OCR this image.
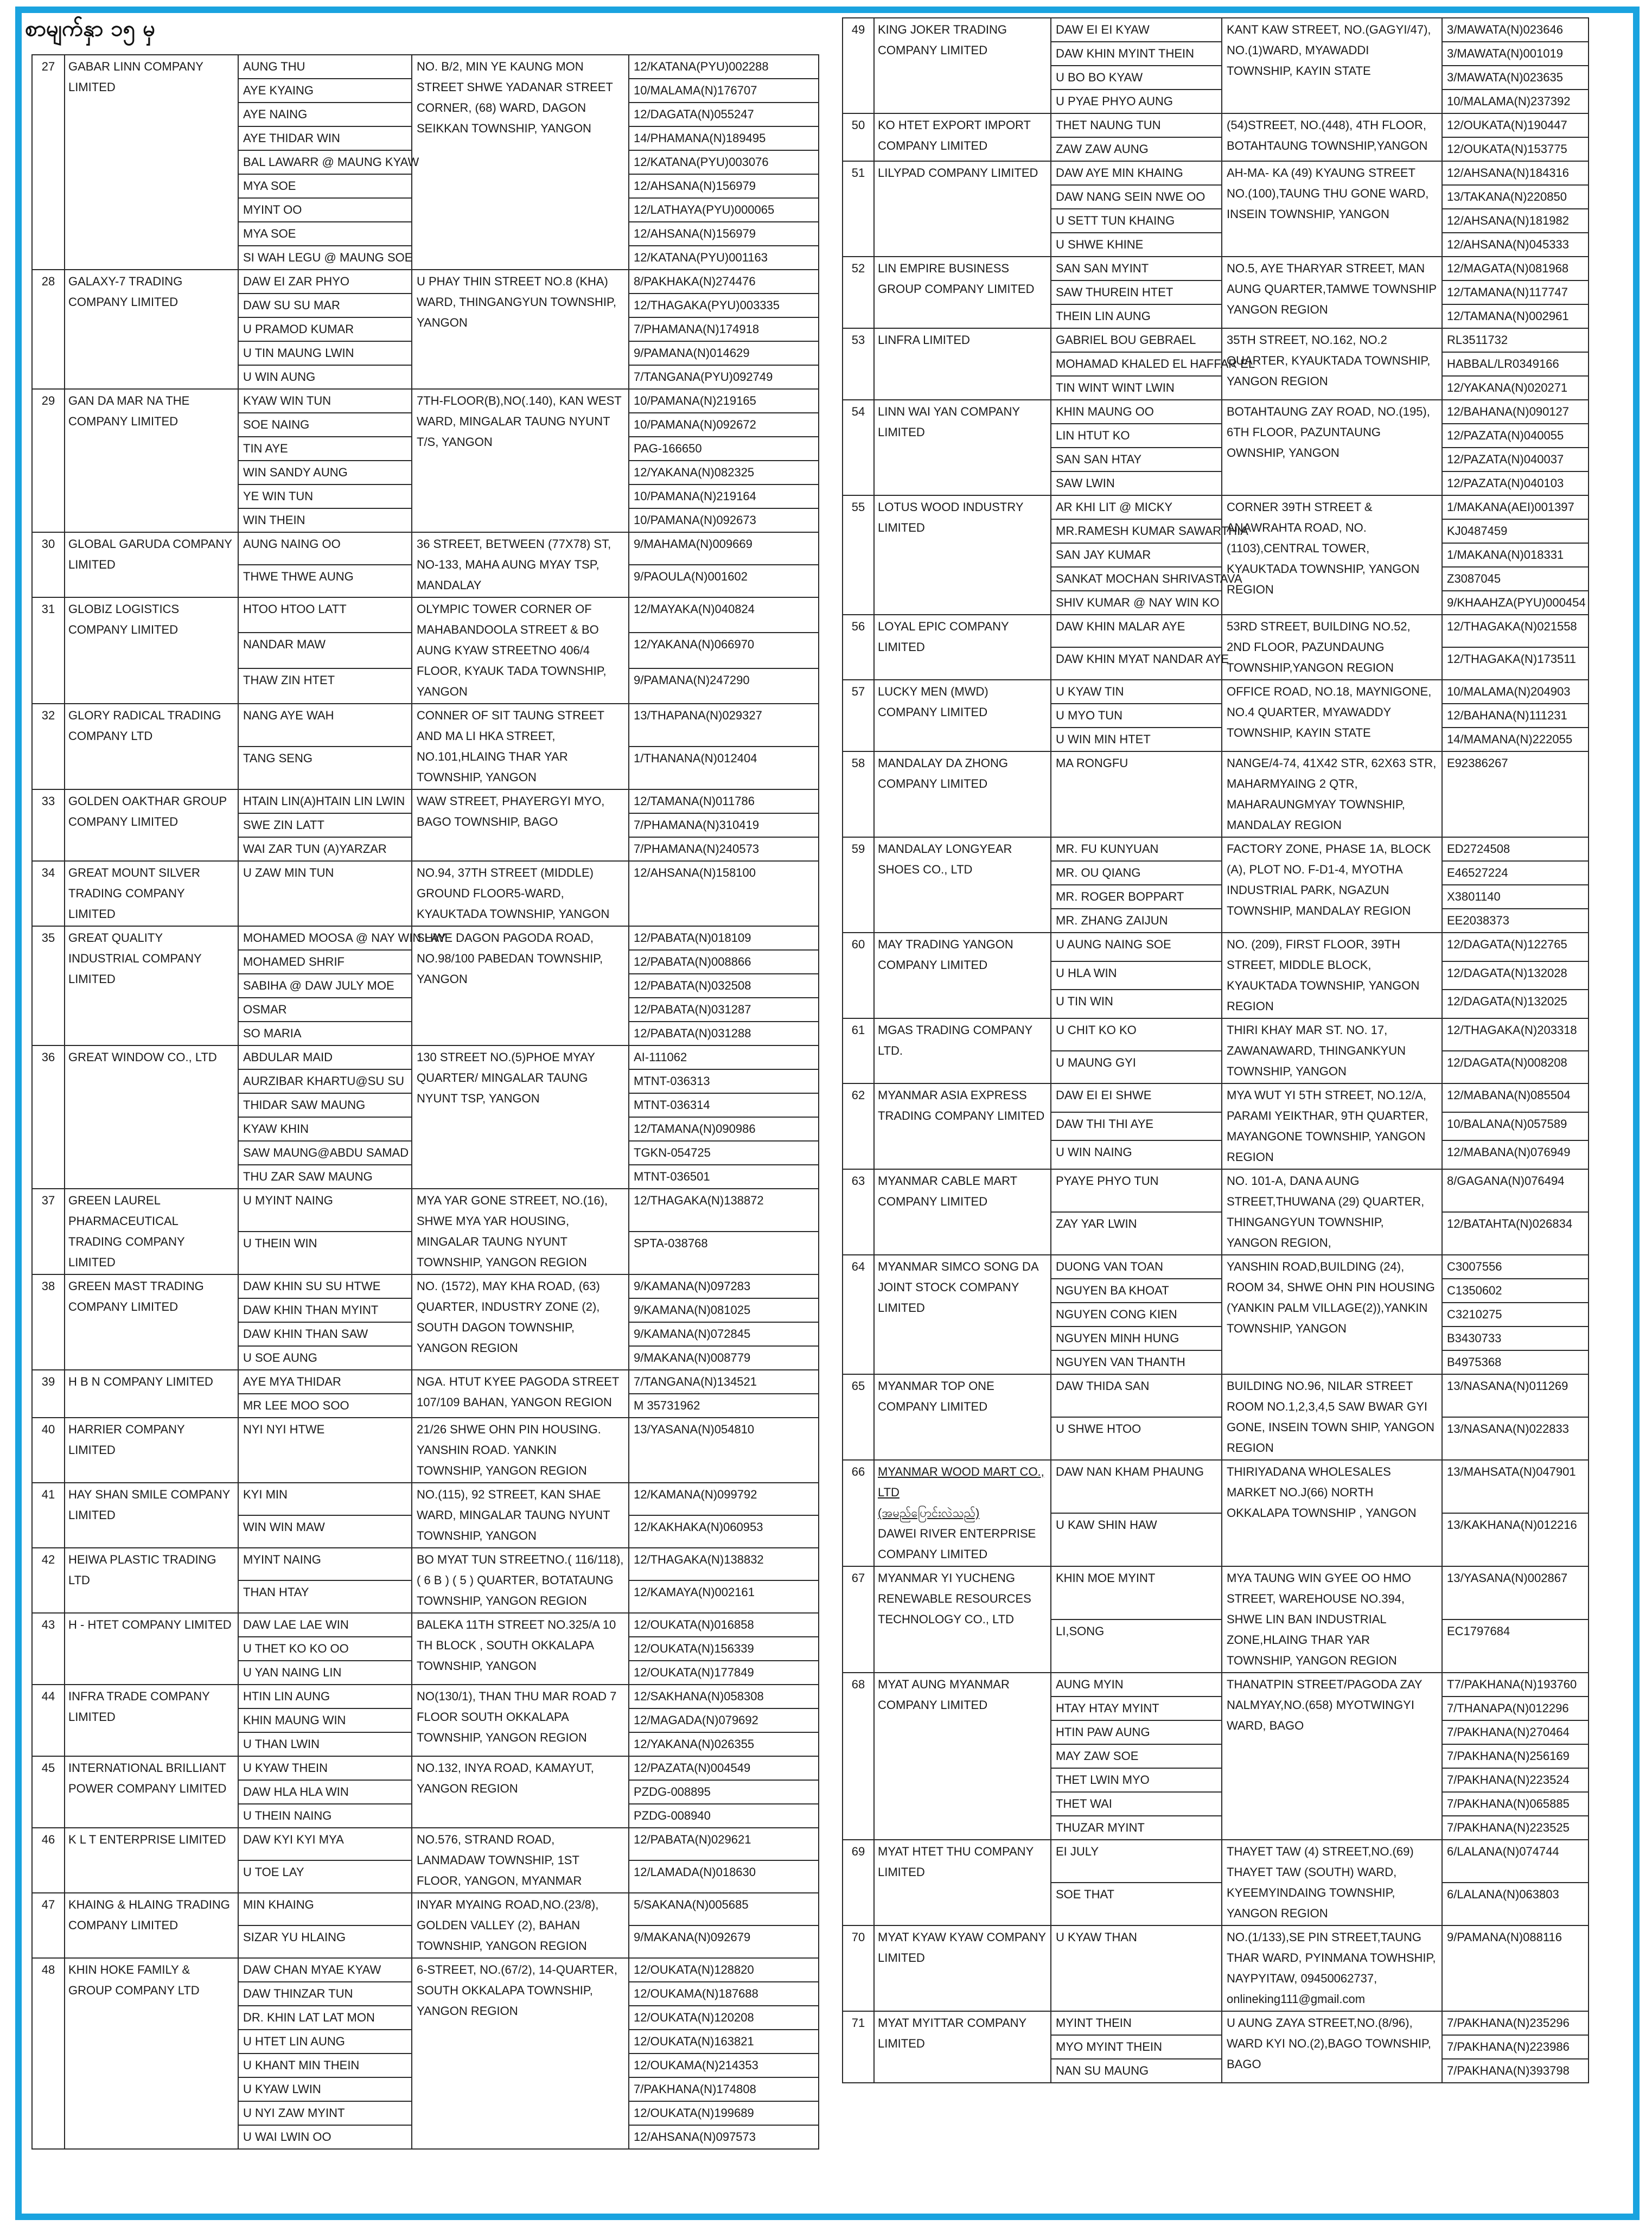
စာမျက်နှာ ၁၅ မှ
27	GABAR LINN COMPANY LIMITED	AUNG THU	NO. B/2, MIN YE KAUNG MON STREET SHWE YADANAR STREET CORNER, (68) WARD, DAGON SEIKKAN TOWNSHIP, YANGON	12/KATANA(PYU)002288
		AYE KYAING		10/MALAMA(N)176707
		AYE NAING		12/DAGATA(N)055247
		AYE THIDAR WIN		14/PHAMANA(N)189495
		BAL LAWARR @ MAUNG KYAW		12/KATANA(PYU)003076
		MYA SOE		12/AHSANA(N)156979
		MYINT OO		12/LATHAYA(PYU)000065
		MYA SOE		12/AHSANA(N)156979
		SI WAH LEGU @ MAUNG SOE		12/KATANA(PYU)001163
28	GALAXY-7 TRADING COMPANY LIMITED	DAW EI ZAR PHYO	U PHAY THIN STREET NO.8 (KHA) WARD, THINGANGYUN TOWNSHIP, YANGON	8/PAKHAKA(N)274476
		DAW SU SU MAR		12/THAGAKA(PYU)003335
		U PRAMOD KUMAR		7/PHAMANA(N)174918
		U TIN MAUNG LWIN		9/PAMANA(N)014629
		U WIN AUNG		7/TANGANA(PYU)092749
29	GAN DA MAR NA THE COMPANY LIMITED	KYAW WIN TUN	7TH-FLOOR(B),NO(.140), KAN WEST WARD, MINGALAR TAUNG NYUNT T/S, YANGON	10/PAMANA(N)219165
		SOE NAING		10/PAMANA(N)092672
		TIN AYE		PAG-166650
		WIN SANDY AUNG		12/YAKANA(N)082325
		YE WIN TUN		10/PAMANA(N)219164
		WIN THEIN		10/PAMANA(N)092673
30	GLOBAL GARUDA COMPANY LIMITED	AUNG NAING OO	36 STREET, BETWEEN (77X78) ST, NO-133, MAHA AUNG MYAY TSP, MANDALAY	9/MAHAMA(N)009669
		THWE THWE AUNG		9/PAOULA(N)001602
31	GLOBIZ LOGISTICS COMPANY LIMITED	HTOO HTOO LATT	OLYMPIC TOWER CORNER OF MAHABANDOOLA STREET & BO AUNG KYAW STREETNO 406/4 FLOOR, KYAUK TADA TOWNSHIP, YANGON	12/MAYAKA(N)040824
		NANDAR MAW		12/YAKANA(N)066970
		THAW ZIN HTET		9/PAMANA(N)247290
32	GLORY RADICAL TRADING COMPANY LTD	NANG AYE WAH	CONNER OF SIT TAUNG STREET AND MA LI HKA STREET, NO.101,HLAING THAR YAR TOWNSHIP, YANGON	13/THAPANA(N)029327
		TANG SENG		1/THANANA(N)012404
33	GOLDEN OAKTHAR GROUP COMPANY LIMITED	HTAIN LIN(A)HTAIN LIN LWIN	WAW STREET, PHAYERGYI MYO, BAGO TOWNSHIP, BAGO	12/TAMANA(N)011786
		SWE ZIN LATT		7/PHAMANA(N)310419
		WAI ZAR TUN (A)YARZAR		7/PHAMANA(N)240573
34	GREAT MOUNT SILVER TRADING COMPANY LIMITED	U ZAW MIN TUN	NO.94, 37TH STREET (MIDDLE) GROUND FLOOR5-WARD, KYAUKTADA TOWNSHIP, YANGON	12/AHSANA(N)158100
35	GREAT QUALITY INDUSTRIAL COMPANY LIMITED	MOHAMED MOOSA @ NAY WIN LAY	SHWE DAGON PAGODA ROAD, NO.98/100 PABEDAN TOWNSHIP, YANGON	12/PABATA(N)018109
		MOHAMED SHRIF		12/PABATA(N)008866
		SABIHA @ DAW JULY MOE		12/PABATA(N)032508
		OSMAR		12/PABATA(N)031287
		SO MARIA		12/PABATA(N)031288
36	GREAT WINDOW CO., LTD	ABDULAR MAID	130 STREET NO.(5)PHOE MYAY QUARTER/ MINGALAR TAUNG NYUNT TSP, YANGON	AI-111062
		AURZIBAR KHARTU@SU SU		MTNT-036313
		THIDAR SAW MAUNG		MTNT-036314
		KYAW KHIN		12/TAMANA(N)090986
		SAW MAUNG@ABDU SAMAD		TGKN-054725
		THU ZAR SAW MAUNG		MTNT-036501
37	GREEN LAUREL PHARMACEUTICAL TRADING COMPANY LIMITED	U MYINT NAING	MYA YAR GONE STREET, NO.(16), SHWE MYA YAR HOUSING, MINGALAR TAUNG NYUNT TOWNSHIP, YANGON REGION	12/THAGAKA(N)138872
		U THEIN WIN		SPTA-038768
38	GREEN MAST TRADING COMPANY LIMITED	DAW KHIN SU SU HTWE	NO. (1572), MAY KHA ROAD, (63) QUARTER, INDUSTRY ZONE (2), SOUTH DAGON TOWNSHIP, YANGON REGION	9/KAMANA(N)097283
		DAW KHIN THAN MYINT		9/KAMANA(N)081025
		DAW KHIN THAN SAW		9/KAMANA(N)072845
		U SOE AUNG		9/MAKANA(N)008779
39	H B N COMPANY LIMITED	AYE MYA THIDAR	NGA. HTUT KYEE PAGODA STREET 107/109 BAHAN, YANGON REGION	7/TANGANA(N)134521
		MR LEE MOO SOO		M 35731962
40	HARRIER COMPANY LIMITED	NYI NYI HTWE	21/26 SHWE OHN PIN HOUSING. YANSHIN ROAD. YANKIN TOWNSHIP, YANGON REGION	13/YASANA(N)054810
41	HAY SHAN SMILE COMPANY LIMITED	KYI MIN	NO.(115), 92 STREET, KAN SHAE WARD, MINGALAR TAUNG NYUNT TOWNSHIP, YANGON	12/KAMANA(N)099792
		WIN WIN MAW		12/KAKHAKA(N)060953
42	HEIWA PLASTIC TRADING LTD	MYINT NAING	BO MYAT TUN STREETNO.( 116/118), ( 6 B ) ( 5 ) QUARTER, BOTATAUNG TOWNSHIP, YANGON REGION	12/THAGAKA(N)138832
		THAN HTAY		12/KAMAYA(N)002161
43	H - HTET COMPANY LIMITED	DAW LAE LAE WIN	BALEKA 11TH STREET NO.325/A 10 TH BLOCK , SOUTH OKKALAPA TOWNSHIP, YANGON	12/OUKATA(N)016858
		U THET KO KO OO		12/OUKATA(N)156339
		U YAN NAING LIN		12/OUKATA(N)177849
44	INFRA TRADE COMPANY LIMITED	HTIN LIN AUNG	NO(130/1), THAN THU MAR ROAD 7 FLOOR SOUTH OKKALAPA TOWNSHIP, YANGON REGION	12/SAKHANA(N)058308
		KHIN MAUNG WIN		12/MAGADA(N)079692
		U THAN LWIN		12/YAKANA(N)026355
45	INTERNATIONAL BRILLIANT POWER COMPANY LIMITED	U KYAW THEIN	NO.132, INYA ROAD, KAMAYUT, YANGON REGION	12/PAZATA(N)004549
		DAW HLA HLA WIN		PZDG-008895
		U THEIN NAING		PZDG-008940
46	K L T ENTERPRISE LIMITED	DAW KYI KYI MYA	NO.576, STRAND ROAD, LANMADAW TOWNSHIP, 1ST FLOOR, YANGON, MYANMAR	12/PABATA(N)029621
		U TOE LAY		12/LAMADA(N)018630
47	KHAING & HLAING TRADING COMPANY LIMITED	MIN KHAING	INYAR MYAING ROAD,NO.(23/8), GOLDEN VALLEY (2), BAHAN TOWNSHIP, YANGON REGION	5/SAKANA(N)005685
		SIZAR YU HLAING		9/MAKANA(N)092679
48	KHIN HOKE FAMILY & GROUP COMPANY LTD	DAW CHAN MYAE KYAW	6-STREET, NO.(67/2), 14-QUARTER, SOUTH OKKALAPA TOWNSHIP, YANGON REGION	12/OUKATA(N)128820
		DAW THINZAR TUN		12/OUKAMA(N)187688
		DR. KHIN LAT LAT MON		12/OUKATA(N)120208
		U HTET LIN AUNG		12/OUKATA(N)163821
		U KHANT MIN THEIN		12/OUKAMA(N)214353
		U KYAW LWIN		7/PAKHANA(N)174808
		U NYI ZAW MYINT		12/OUKATA(N)199689
		U WAI LWIN OO		12/AHSANA(N)097573
49	KING JOKER TRADING COMPANY LIMITED	DAW EI EI KYAW	KANT KAW STREET, NO.(GAGYI/47), NO.(1)WARD, MYAWADDI TOWNSHIP, KAYIN STATE	3/MAWATA(N)023646
		DAW KHIN MYINT THEIN		3/MAWATA(N)001019
		U BO BO KYAW		3/MAWATA(N)023635
		U PYAE PHYO AUNG		10/MALAMA(N)237392
50	KO HTET EXPORT IMPORT COMPANY LIMITED	THET NAUNG TUN	(54)STREET, NO.(448), 4TH FLOOR, BOTAHTAUNG TOWNSHIP,YANGON	12/OUKATA(N)190447
		ZAW ZAW AUNG		12/OUKATA(N)153775
51	LILYPAD COMPANY LIMITED	DAW AYE MIN KHAING	AH-MA- KA (49) KYAUNG STREET NO.(100),TAUNG THU GONE WARD, INSEIN TOWNSHIP, YANGON	12/AHSANA(N)184316
		DAW NANG SEIN NWE OO		13/TAKANA(N)220850
		U SETT TUN KHAING		12/AHSANA(N)181982
		U SHWE KHINE		12/AHSANA(N)045333
52	LIN EMPIRE BUSINESS GROUP COMPANY LIMITED	SAN SAN MYINT	NO.5, AYE THARYAR STREET, MAN AUNG QUARTER,TAMWE TOWNSHIP YANGON REGION	12/MAGATA(N)081968
		SAW THUREIN HTET		12/TAMANA(N)117747
		THEIN LIN AUNG		12/TAMANA(N)002961
53	LINFRA LIMITED	GABRIEL BOU GEBRAEL	35TH STREET, NO.162, NO.2 QUARTER, KYAUKTADA TOWNSHIP, YANGON REGION	RL3511732
		MOHAMAD KHALED EL HAFFAR EL		HABBAL/LR0349166
		TIN WINT WINT LWIN		12/YAKANA(N)020271
54	LINN WAI YAN COMPANY LIMITED	KHIN MAUNG OO	BOTAHTAUNG ZAY ROAD, NO.(195), 6TH FLOOR, PAZUNTAUNG OWNSHIP, YANGON	12/BAHANA(N)090127
		LIN HTUT KO		12/PAZATA(N)040055
		SAN SAN HTAY		12/PAZATA(N)040037
		SAW LWIN		12/PAZATA(N)040103
55	LOTUS WOOD INDUSTRY LIMITED	AR KHI LIT @ MICKY	CORNER 39TH STREET & ANAWRAHTA ROAD, NO.(1103),CENTRAL TOWER, KYAUKTADA TOWNSHIP, YANGON REGION	1/MAKANA(AEI)001397
		MR.RAMESH KUMAR SAWARTHIA		KJ0487459
		SAN JAY KUMAR		1/MAKANA(N)018331
		SANKAT MOCHAN SHRIVASTAVA		Z3087045
		SHIV KUMAR @ NAY WIN KO		9/KHAAHZA(PYU)000454
56	LOYAL EPIC COMPANY LIMITED	DAW KHIN MALAR AYE	53RD STREET, BUILDING NO.52, 2ND FLOOR, PAZUNDAUNG TOWNSHIP,YANGON REGION	12/THAGAKA(N)021558
		DAW KHIN MYAT NANDAR AYE		12/THAGAKA(N)173511
57	LUCKY MEN (MWD) COMPANY LIMITED	U KYAW TIN	OFFICE ROAD, NO.18, MAYNIGONE, NO.4 QUARTER, MYAWADDY TOWNSHIP, KAYIN STATE	10/MALAMA(N)204903
		U MYO TUN		12/BAHANA(N)111231
		U WIN MIN HTET		14/MAMANA(N)222055
58	MANDALAY DA ZHONG COMPANY LIMITED	MA RONGFU	NANGE/4-74, 41X42 STR, 62X63 STR, MAHARMYAING 2 QTR, MAHARAUNGMYAY TOWNSHIP, MANDALAY REGION	E92386267
59	MANDALAY LONGYEAR SHOES CO., LTD	MR. FU KUNYUAN	FACTORY ZONE, PHASE 1A, BLOCK (A), PLOT NO. F-D1-4, MYOTHA INDUSTRIAL PARK, NGAZUN TOWNSHIP, MANDALAY REGION	ED2724508
		MR. OU QIANG		E46527224
		MR. ROGER BOPPART		X3801140
		MR. ZHANG ZAIJUN		EE2038373
60	MAY TRADING YANGON COMPANY LIMITED	U AUNG NAING SOE	NO. (209), FIRST FLOOR, 39TH STREET, MIDDLE BLOCK, KYAUKTADA TOWNSHIP, YANGON REGION	12/DAGATA(N)122765
		U HLA WIN		12/DAGATA(N)132028
		U TIN WIN		12/DAGATA(N)132025
61	MGAS TRADING COMPANY LTD.	U CHIT KO KO	THIRI KHAY MAR ST. NO. 17, ZAWANAWARD, THINGANKYUN TOWNSHIP, YANGON	12/THAGAKA(N)203318
		U MAUNG GYI		12/DAGATA(N)008208
62	MYANMAR ASIA EXPRESS TRADING COMPANY LIMITED	DAW EI EI SHWE	MYA WUT YI 5TH STREET, NO.12/A, PARAMI YEIKTHAR, 9TH QUARTER, MAYANGONE TOWNSHIP, YANGON REGION	12/MABANA(N)085504
		DAW THI THI AYE		10/BALANA(N)057589
		U WIN NAING		12/MABANA(N)076949
63	MYANMAR CABLE MART COMPANY LIMITED	PYAYE PHYO TUN	NO. 101-A, DANA AUNG STREET,THUWANA (29) QUARTER, THINGANGYUN TOWNSHIP, YANGON REGION,	8/GAGANA(N)076494
		ZAY YAR LWIN		12/BATAHTA(N)026834
64	MYANMAR SIMCO SONG DA JOINT STOCK COMPANY LIMITED	DUONG VAN TOAN	YANSHIN ROAD,BUILDING (24), ROOM 34, SHWE OHN PIN HOUSING (YANKIN PALM VILLAGE(2)),YANKIN TOWNSHIP, YANGON	C3007556
		NGUYEN BA KHOAT		C1350602
		NGUYEN CONG KIEN		C3210275
		NGUYEN MINH HUNG		B3430733
		NGUYEN VAN THANTH		B4975368
65	MYANMAR TOP ONE COMPANY LIMITED	DAW THIDA SAN	BUILDING NO.96, NILAR STREET ROOM NO.1,2,3,4,5 SAW BWAR GYI GONE, INSEIN TOWN SHIP, YANGON REGION	13/NASANA(N)011269
		U SHWE HTOO		13/NASANA(N)022833
66	MYANMAR WOOD MART CO., LTD
(အမည်ပြောင်းလဲသည်)
DAWEI RIVER ENTERPRISE COMPANY LIMITED	DAW NAN KHAM PHAUNG	THIRIYADANA WHOLESALES MARKET NO.J(66) NORTH OKKALAPA TOWNSHIP , YANGON	13/MAHSATA(N)047901
		U KAW SHIN HAW		13/KAKHANA(N)012216
67	MYANMAR YI YUCHENG RENEWABLE RESOURCES TECHNOLOGY CO., LTD	KHIN MOE MYINT	MYA TAUNG WIN GYEE OO HMO STREET, WAREHOUSE NO.394, SHWE LIN BAN INDUSTRIAL ZONE,HLAING THAR YAR TOWNSHIP, YANGON REGION	13/YASANA(N)002867
		LI,SONG		EC1797684
68	MYAT AUNG MYANMAR COMPANY LIMITED	AUNG MYIN	THANATPIN STREET/PAGODA ZAY NALMYAY,NO.(658) MYOTWINGYI WARD, BAGO	T7/PAKHANA(N)193760
		HTAY HTAY MYINT		7/THANAPA(N)012296
		HTIN PAW AUNG		7/PAKHANA(N)270464
		MAY ZAW SOE		7/PAKHANA(N)256169
		THET LWIN MYO		7/PAKHANA(N)223524
		THET WAI		7/PAKHANA(N)065885
		THUZAR MYINT		7/PAKHANA(N)223525
69	MYAT HTET THU COMPANY LIMITED	EI JULY	THAYET TAW (4) STREET,NO.(69) THAYET TAW (SOUTH) WARD, KYEEMYINDAING TOWNSHIP, YANGON REGION	6/LALANA(N)074744
		SOE THAT		6/LALANA(N)063803
70	MYAT KYAW KYAW COMPANY LIMITED	U KYAW THAN	NO.(1/133),SE PIN STREET,TAUNG THAR WARD, PYINMANA TOWHSHIP, NAYPYITAW, 09450062737, onlineking111@gmail.com	9/PAMANA(N)088116
71	MYAT MYITTAR COMPANY LIMITED	MYINT THEIN	U AUNG ZAYA STREET,NO.(8/96), WARD KYI NO.(2),BAGO TOWNSHIP, BAGO	7/PAKHANA(N)235296
		MYO MYINT THEIN		7/PAKHANA(N)223986
		NAN SU MAUNG		7/PAKHANA(N)393798
